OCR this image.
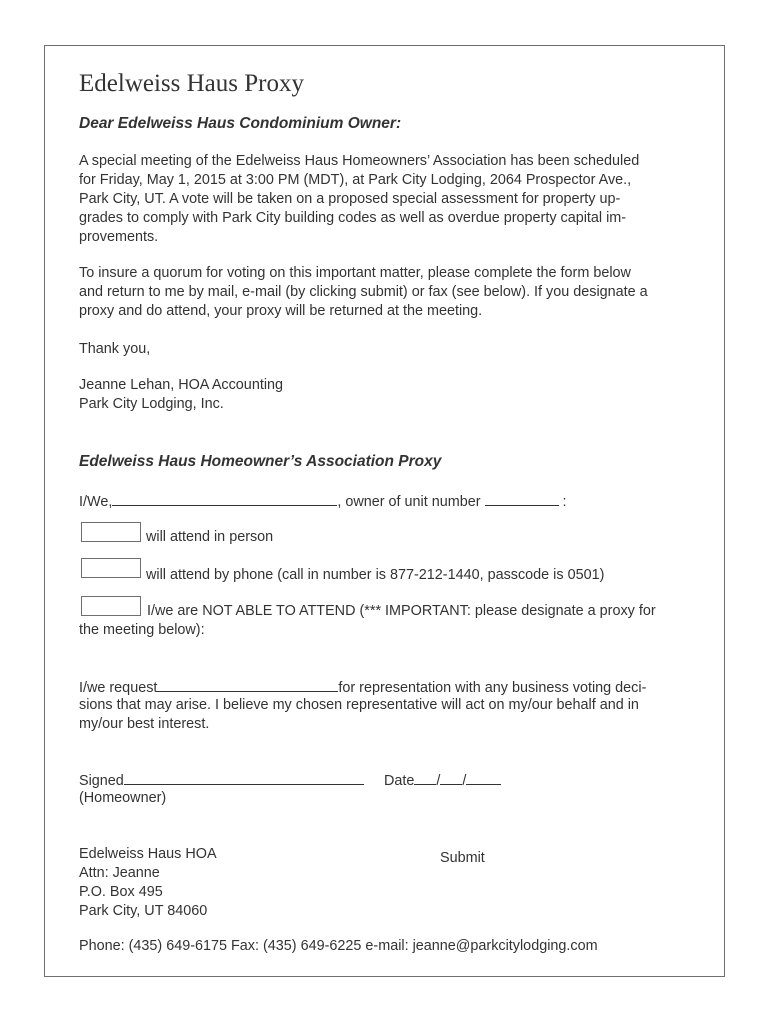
Edelweiss Haus Proxy
Dear Edelweiss Haus Condominium Owner:

A special meeting of the Edelweiss Haus Homeowners’ Association has been scheduled

for Friday, May 1, 2015 at 3:00 PM (MDT), at Park City Lodging, 2064 Prospector Ave.,

Park City, UT. A vote will be taken on a proposed special assessment for property up-

grades to comply with Park City building codes as well as overdue property capital im-

provements.

To insure a quorum for voting on this important matter, please complete the form below

and return to me by mail, e-mail (by clicking submit) or fax (see below). If you designate a

proxy and do attend, your proxy will be returned at the meeting.

Thank you,

Jeanne Lehan, HOA Accounting

Park City Lodging, Inc.

Edelweiss Haus Homeowner’s Association Proxy
I/We,	, owner of unit number	:
will attend in person
will attend by phone (call in number is 877-212-1440, passcode is 0501)
I/we are NOT ABLE TO ATTEND (*** IMPORTANT: please designate a proxy for
the meeting below):
I/we request	for representation with any business voting deci-
sions that may arise. I believe my chosen representative will act on my/our behalf and in
my/our best interest.
Signed	Date / /
(Homeowner)

Edelweiss Haus HOA

Attn: Jeanne

P.O. Box 495

Park City, UT 84060

Submit
Phone: (435) 649-6175 Fax: (435) 649-6225 e-mail: jeanne@parkcitylodging.com
